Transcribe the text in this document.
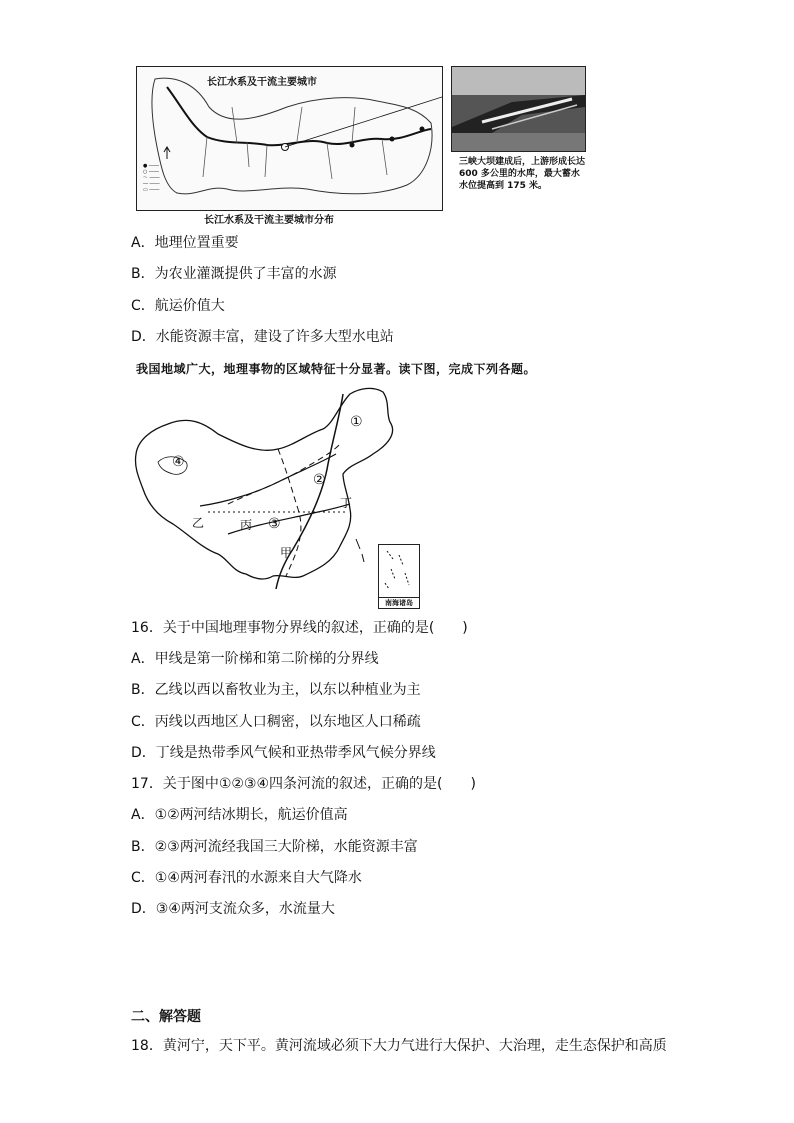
长江水系及干流主要城市
● ――
○ ――
～ ――
― ――
▭ ――
长江水系及干流主要城市分布
三峡大坝建成后，上游形成长达 600 多公里的水库，最大蓄水水位提高到 175 米。
A．地理位置重要
B．为农业灌溉提供了丰富的水源
C．航运价值大
D．水能资源丰富，建设了许多大型水电站
我国地域广大，地理事物的区域特征十分显著。读下图，完成下列各题。
①
②
③
④
甲
乙	丙
丁
南海诸岛
16．关于中国地理事物分界线的叙述，正确的是(　　)
A．甲线是第一阶梯和第二阶梯的分界线
B．乙线以西以畜牧业为主，以东以种植业为主
C．丙线以西地区人口稠密，以东地区人口稀疏
D．丁线是热带季风气候和亚热带季风气候分界线
17．关于图中①②③④四条河流的叙述，正确的是(　　)
A．①②两河结冰期长，航运价值高
B．②③两河流经我国三大阶梯，水能资源丰富
C．①④两河春汛的水源来自大气降水
D．③④两河支流众多，水流量大
二、解答题
18．黄河宁，天下平。黄河流域必须下大力气进行大保护、大治理，走生态保护和高质
